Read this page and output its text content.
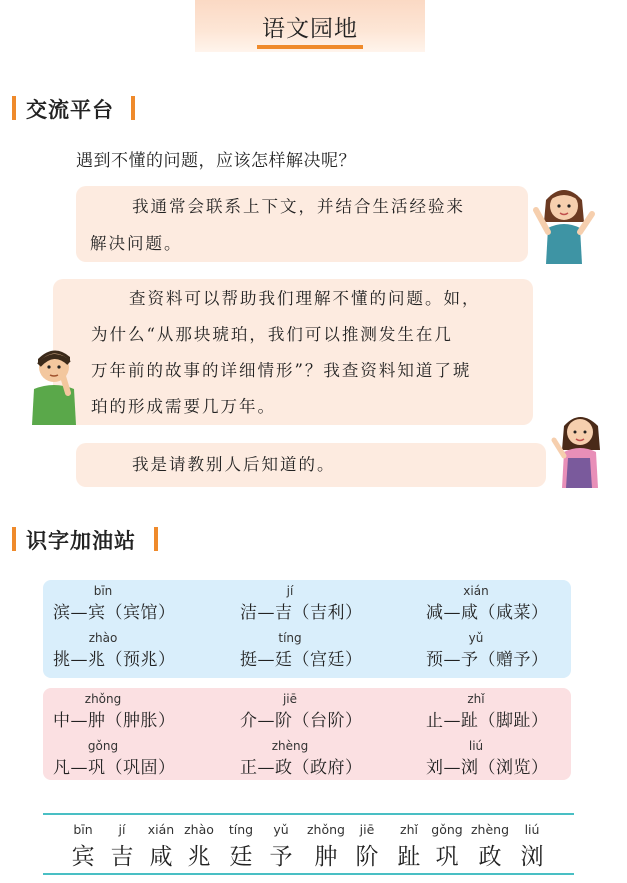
语文园地
交流平台
遇到不懂的问题，应该怎样解决呢？
我通常会联系上下文，并结合生活经验来
解决问题。
查资料可以帮助我们理解不懂的问题。如，
为什么“从那块琥珀，我们可以推测发生在几
万年前的故事的详细情形”？我查资料知道了琥
珀的形成需要几万年。
我是请教别人后知道的。
识字加油站
bīn
滨—宾（宾馆）
jí
洁—吉（吉利）
xián
减—咸（咸菜）
zhào
挑—兆（预兆）
tíng
挺—廷（宫廷）
yǔ
预—予（赠予）
zhǒng
中—肿（肿胀）
jiē
介—阶（台阶）
zhǐ
止—趾（脚趾）
gǒng
凡—巩（巩固）
zhèng
正—政（政府）
liú
刘—浏（浏览）
bīn
宾
jí
吉
xián
咸
zhào
兆
tíng
廷
yǔ
予
zhǒng
肿
jiē
阶
zhǐ
趾
gǒng
巩
zhèng
政
liú
浏
